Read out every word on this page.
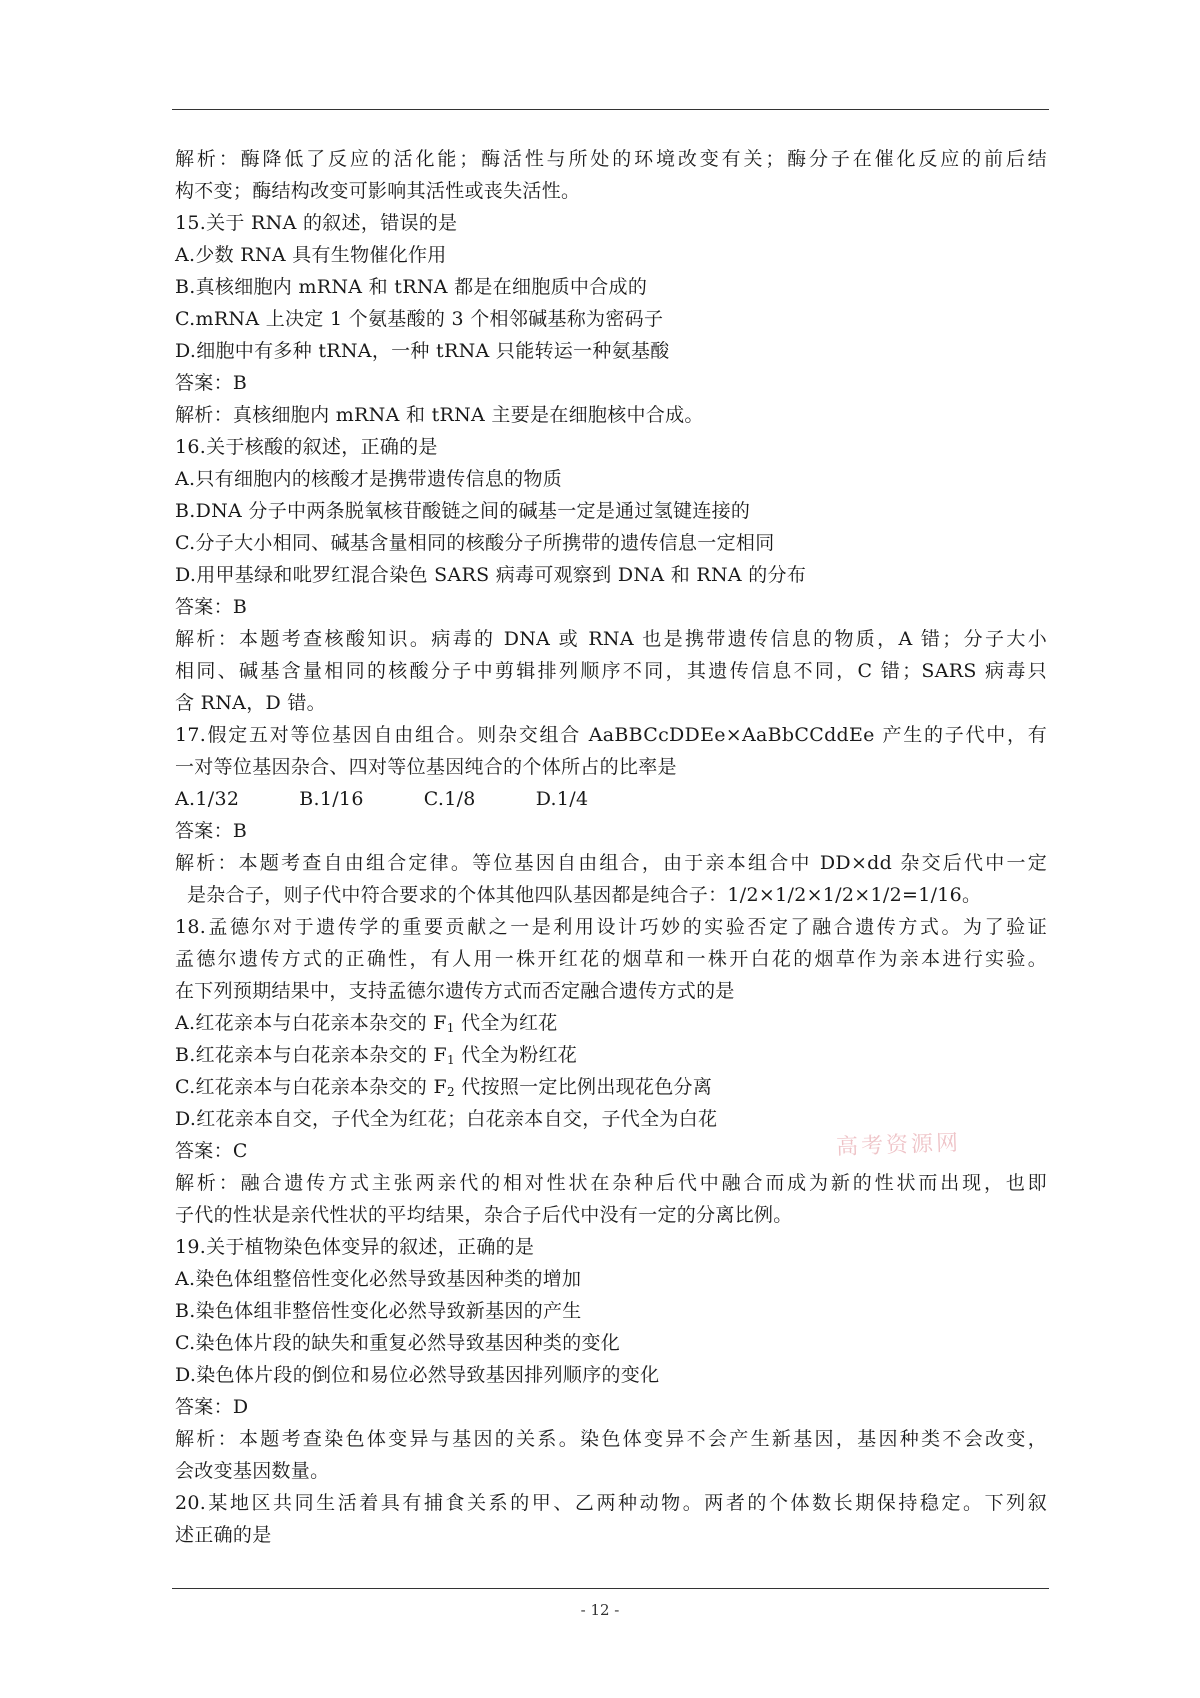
解析：酶降低了反应的活化能；酶活性与所处的环境改变有关；酶分子在催化反应的前后结
构不变；酶结构改变可影响其活性或丧失活性。
15.关于 RNA 的叙述，错误的是
A.少数 RNA 具有生物催化作用
B.真核细胞内 mRNA 和 tRNA 都是在细胞质中合成的
C.mRNA 上决定 1 个氨基酸的 3 个相邻碱基称为密码子
D.细胞中有多种 tRNA，一种 tRNA 只能转运一种氨基酸
答案：B
解析：真核细胞内 mRNA 和 tRNA 主要是在细胞核中合成。
16.关于核酸的叙述，正确的是
A.只有细胞内的核酸才是携带遗传信息的物质
B.DNA 分子中两条脱氧核苷酸链之间的碱基一定是通过氢键连接的
C.分子大小相同、碱基含量相同的核酸分子所携带的遗传信息一定相同
D.用甲基绿和吡罗红混合染色 SARS 病毒可观察到 DNA 和 RNA 的分布
答案：B
解析：本题考查核酸知识。病毒的 DNA 或 RNA 也是携带遗传信息的物质，A 错；分子大小
相同、碱基含量相同的核酸分子中剪辑排列顺序不同，其遗传信息不同，C 错；SARS 病毒只
含 RNA，D 错。
17.假定五对等位基因自由组合。则杂交组合 AaBBCcDDEe×AaBbCCddEe 产生的子代中，有
一对等位基因杂合、四对等位基因纯合的个体所占的比率是
A.1/32	B.1/16	C.1/8	D.1/4
答案：B
解析：本题考查自由组合定律。等位基因自由组合，由于亲本组合中 DD×dd 杂交后代中一定
是杂合子，则子代中符合要求的个体其他四队基因都是纯合子：1/2×1/2×1/2×1/2=1/16。
18.孟德尔对于遗传学的重要贡献之一是利用设计巧妙的实验否定了融合遗传方式。为了验证
孟德尔遗传方式的正确性，有人用一株开红花的烟草和一株开白花的烟草作为亲本进行实验。
在下列预期结果中，支持孟德尔遗传方式而否定融合遗传方式的是
A.红花亲本与白花亲本杂交的 $F_1$ 代全为红花
B.红花亲本与白花亲本杂交的 $F_1$ 代全为粉红花
C.红花亲本与白花亲本杂交的 $F_2$ 代按照一定比例出现花色分离
D.红花亲本自交，子代全为红花；白花亲本自交，子代全为白花
答案：C
解析：融合遗传方式主张两亲代的相对性状在杂种后代中融合而成为新的性状而出现，也即
子代的性状是亲代性状的平均结果，杂合子后代中没有一定的分离比例。
19.关于植物染色体变异的叙述，正确的是
A.染色体组整倍性变化必然导致基因种类的增加
B.染色体组非整倍性变化必然导致新基因的产生
C.染色体片段的缺失和重复必然导致基因种类的变化
D.染色体片段的倒位和易位必然导致基因排列顺序的变化
答案：D
解析：本题考查染色体变异与基因的关系。染色体变异不会产生新基因，基因种类不会改变，
会改变基因数量。
20.某地区共同生活着具有捕食关系的甲、乙两种动物。两者的个体数长期保持稳定。下列叙
述正确的是
高考资源网
- 12 -
